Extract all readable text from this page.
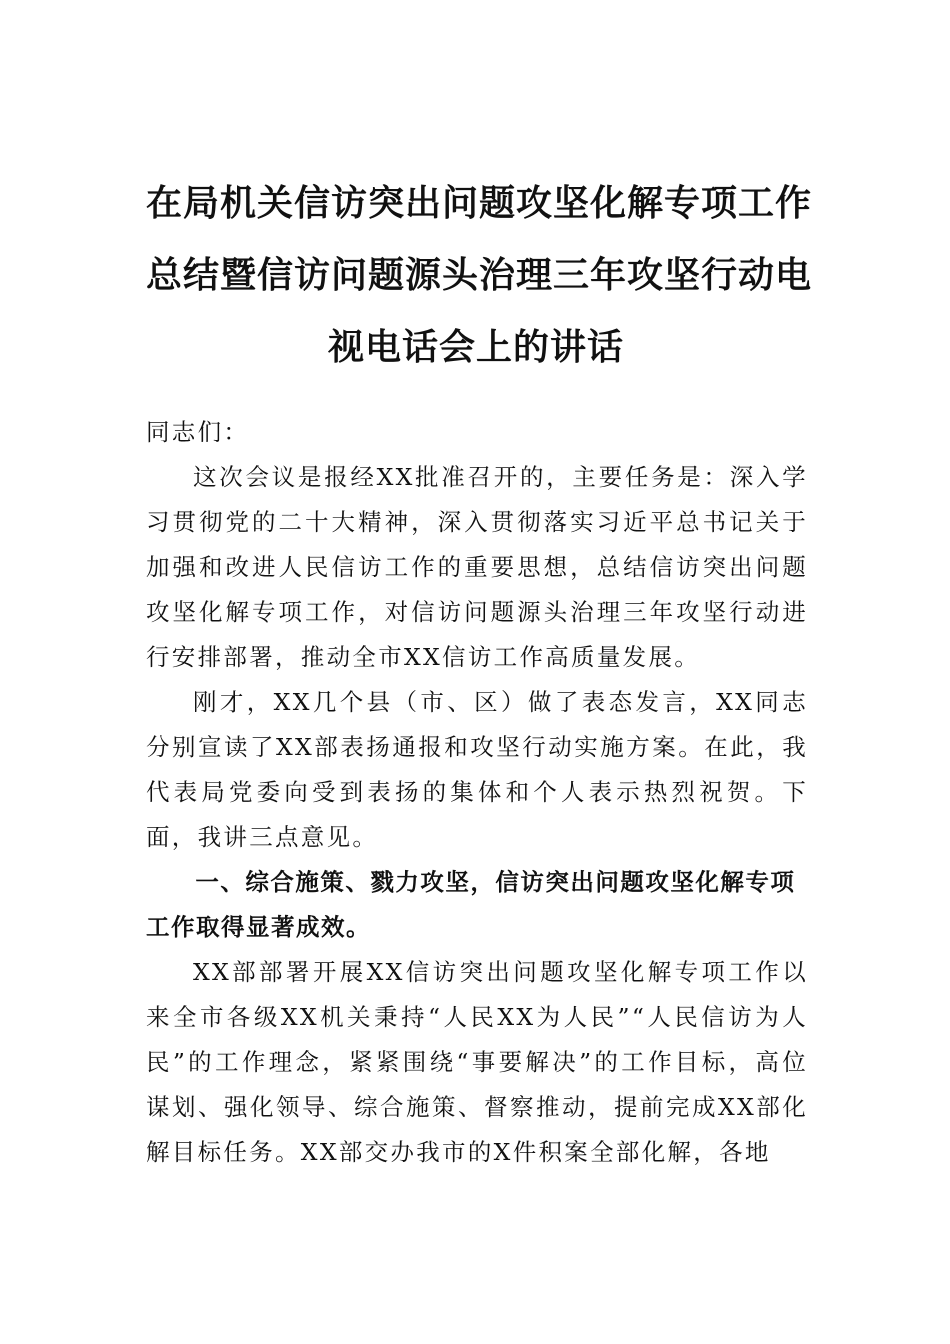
在局机关信访突出问题攻坚化解专项工作
总结暨信访问题源头治理三年攻坚行动电
视电话会上的讲话

同志们：

这次会议是报经XX批准召开的，主要任务是：深入学习贯彻党的二十大精神，深入贯彻落实习近平总书记关于加强和改进人民信访工作的重要思想，总结信访突出问题攻坚化解专项工作，对信访问题源头治理三年攻坚行动进行安排部署，推动全市XX信访工作高质量发展。

刚才，XX几个县（市、区）做了表态发言，XX同志分别宣读了XX部表扬通报和攻坚行动实施方案。在此，我代表局党委向受到表扬的集体和个人表示热烈祝贺。下面，我讲三点意见。

一、综合施策、戮力攻坚，信访突出问题攻坚化解专项工作取得显著成效。

XX部部署开展XX信访突出问题攻坚化解专项工作以来全市各级XX机关秉持“人民XX为人民”“人民信访为人民”的工作理念，紧紧围绕“事要解决”的工作目标，高位谋划、强化领导、综合施策、督察推动，提前完成XX部化解目标任务。XX部交办我市的X件积案全部化解，各地
